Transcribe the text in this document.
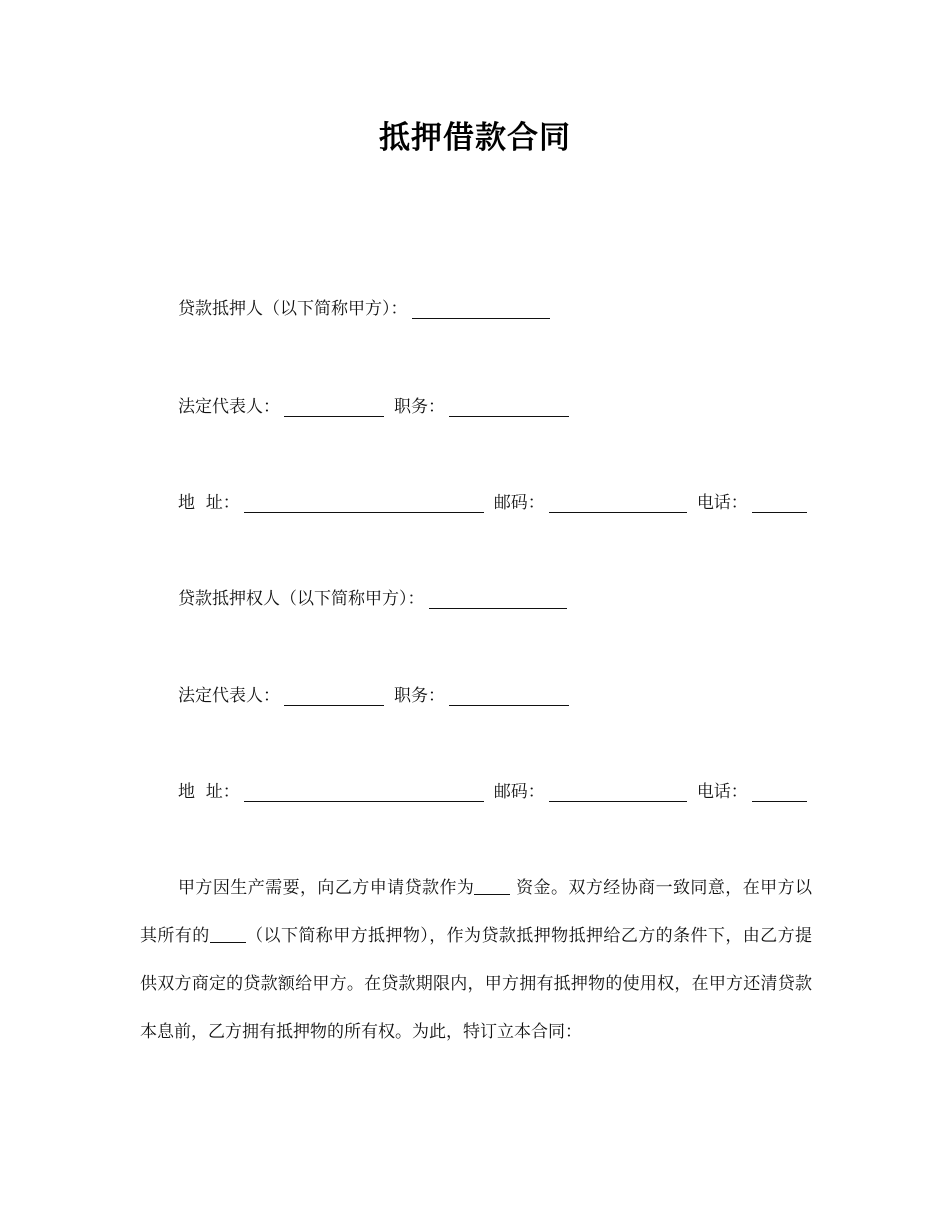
抵押借款合同
贷款抵押人（以下简称甲方）：
法定代表人：	职务：
地  址：	邮码：	电话：
贷款抵押权人（以下简称甲方）：
法定代表人：	职务：
地  址：	邮码：	电话：
甲方因生产需要，向乙方申请贷款作为 资金。双方经协商一致同意，在甲方以其所有的 （以下简称甲方抵押物），作为贷款抵押物抵押给乙方的条件下，由乙方提供双方商定的贷款额给甲方。在贷款期限内，甲方拥有抵押物的使用权，在甲方还清贷款本息前，乙方拥有抵押物的所有权。为此，特订立本合同：
